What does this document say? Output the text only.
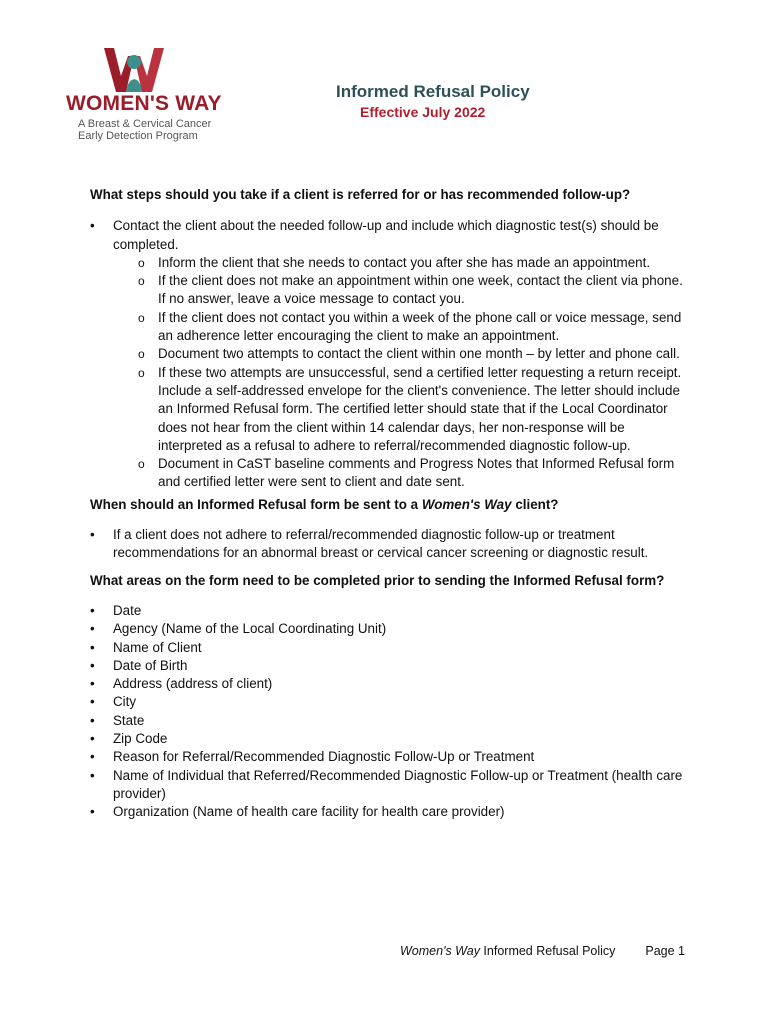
WOMEN'S WAY
A Breast & Cervical Cancer
Early Detection Program
Informed Refusal Policy
Effective July 2022
What steps should you take if a client is referred for or has recommended follow-up?
• Contact the client about the needed follow-up and include which diagnostic test(s) should be completed.
o Inform the client that she needs to contact you after she has made an appointment.
o If the client does not make an appointment within one week, contact the client via phone. If no answer, leave a voice message to contact you.
o If the client does not contact you within a week of the phone call or voice message, send an adherence letter encouraging the client to make an appointment.
o Document two attempts to contact the client within one month – by letter and phone call.
o If these two attempts are unsuccessful, send a certified letter requesting a return receipt. Include a self-addressed envelope for the client's convenience. The letter should include an Informed Refusal form. The certified letter should state that if the Local Coordinator does not hear from the client within 14 calendar days, her non-response will be interpreted as a refusal to adhere to referral/recommended diagnostic follow-up.
o Document in CaST baseline comments and Progress Notes that Informed Refusal form and certified letter were sent to client and date sent.
When should an Informed Refusal form be sent to a Women's Way client?
• If a client does not adhere to referral/recommended diagnostic follow-up or treatment recommendations for an abnormal breast or cervical cancer screening or diagnostic result.
What areas on the form need to be completed prior to sending the Informed Refusal form?
• Date
• Agency (Name of the Local Coordinating Unit)
• Name of Client
• Date of Birth
• Address (address of client)
• City
• State
• Zip Code
• Reason for Referral/Recommended Diagnostic Follow-Up or Treatment
• Name of Individual that Referred/Recommended Diagnostic Follow-up or Treatment (health care provider)
• Organization (Name of health care facility for health care provider)
Women's Way Informed Refusal Policy Page 1
